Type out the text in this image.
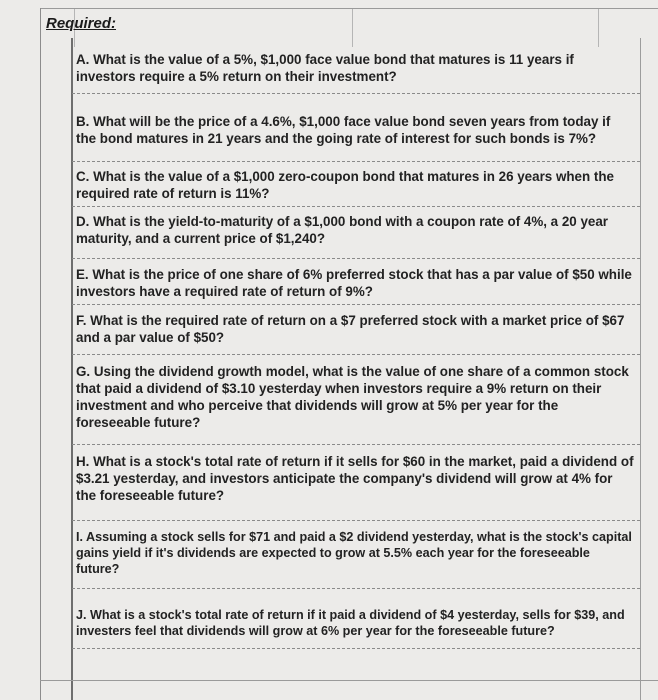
Required:
A. What is the value of a 5%, $1,000 face value bond that matures is 11 years if investors require a 5% return on their investment?
B. What will be the price of a 4.6%, $1,000 face value bond seven years from today if the bond matures in 21 years and the going rate of interest for such bonds is 7%?
C. What is the value of a $1,000 zero-coupon bond that matures in 26 years when the required rate of return is 11%?
D. What is the yield-to-maturity of a $1,000 bond with a coupon rate of 4%, a 20 year maturity, and a current price of $1,240?
E. What is the price of one share of 6% preferred stock that has a par value of $50 while investors have a required rate of return of 9%?
F. What is the required rate of return on a $7 preferred stock with a market price of $67 and a par value of $50?
G. Using the dividend growth model, what is the value of one share of a common stock that paid a dividend of $3.10 yesterday when investors require a 9% return on their investment and who perceive that dividends will grow at 5% per year for the foreseeable future?
H. What is a stock's total rate of return if it sells for $60 in the market, paid a dividend of $3.21 yesterday, and investors anticipate the company's dividend will grow at 4% for the foreseeable future?
I. Assuming a stock sells for $71 and paid a $2 dividend yesterday, what is the stock's capital gains yield if it's dividends are expected to grow at 5.5% each year for the foreseeable future?
J. What is a stock's total rate of return if it paid a dividend of $4 yesterday, sells for $39, and investers feel that dividends will grow at 6% per year for the foreseeable future?
